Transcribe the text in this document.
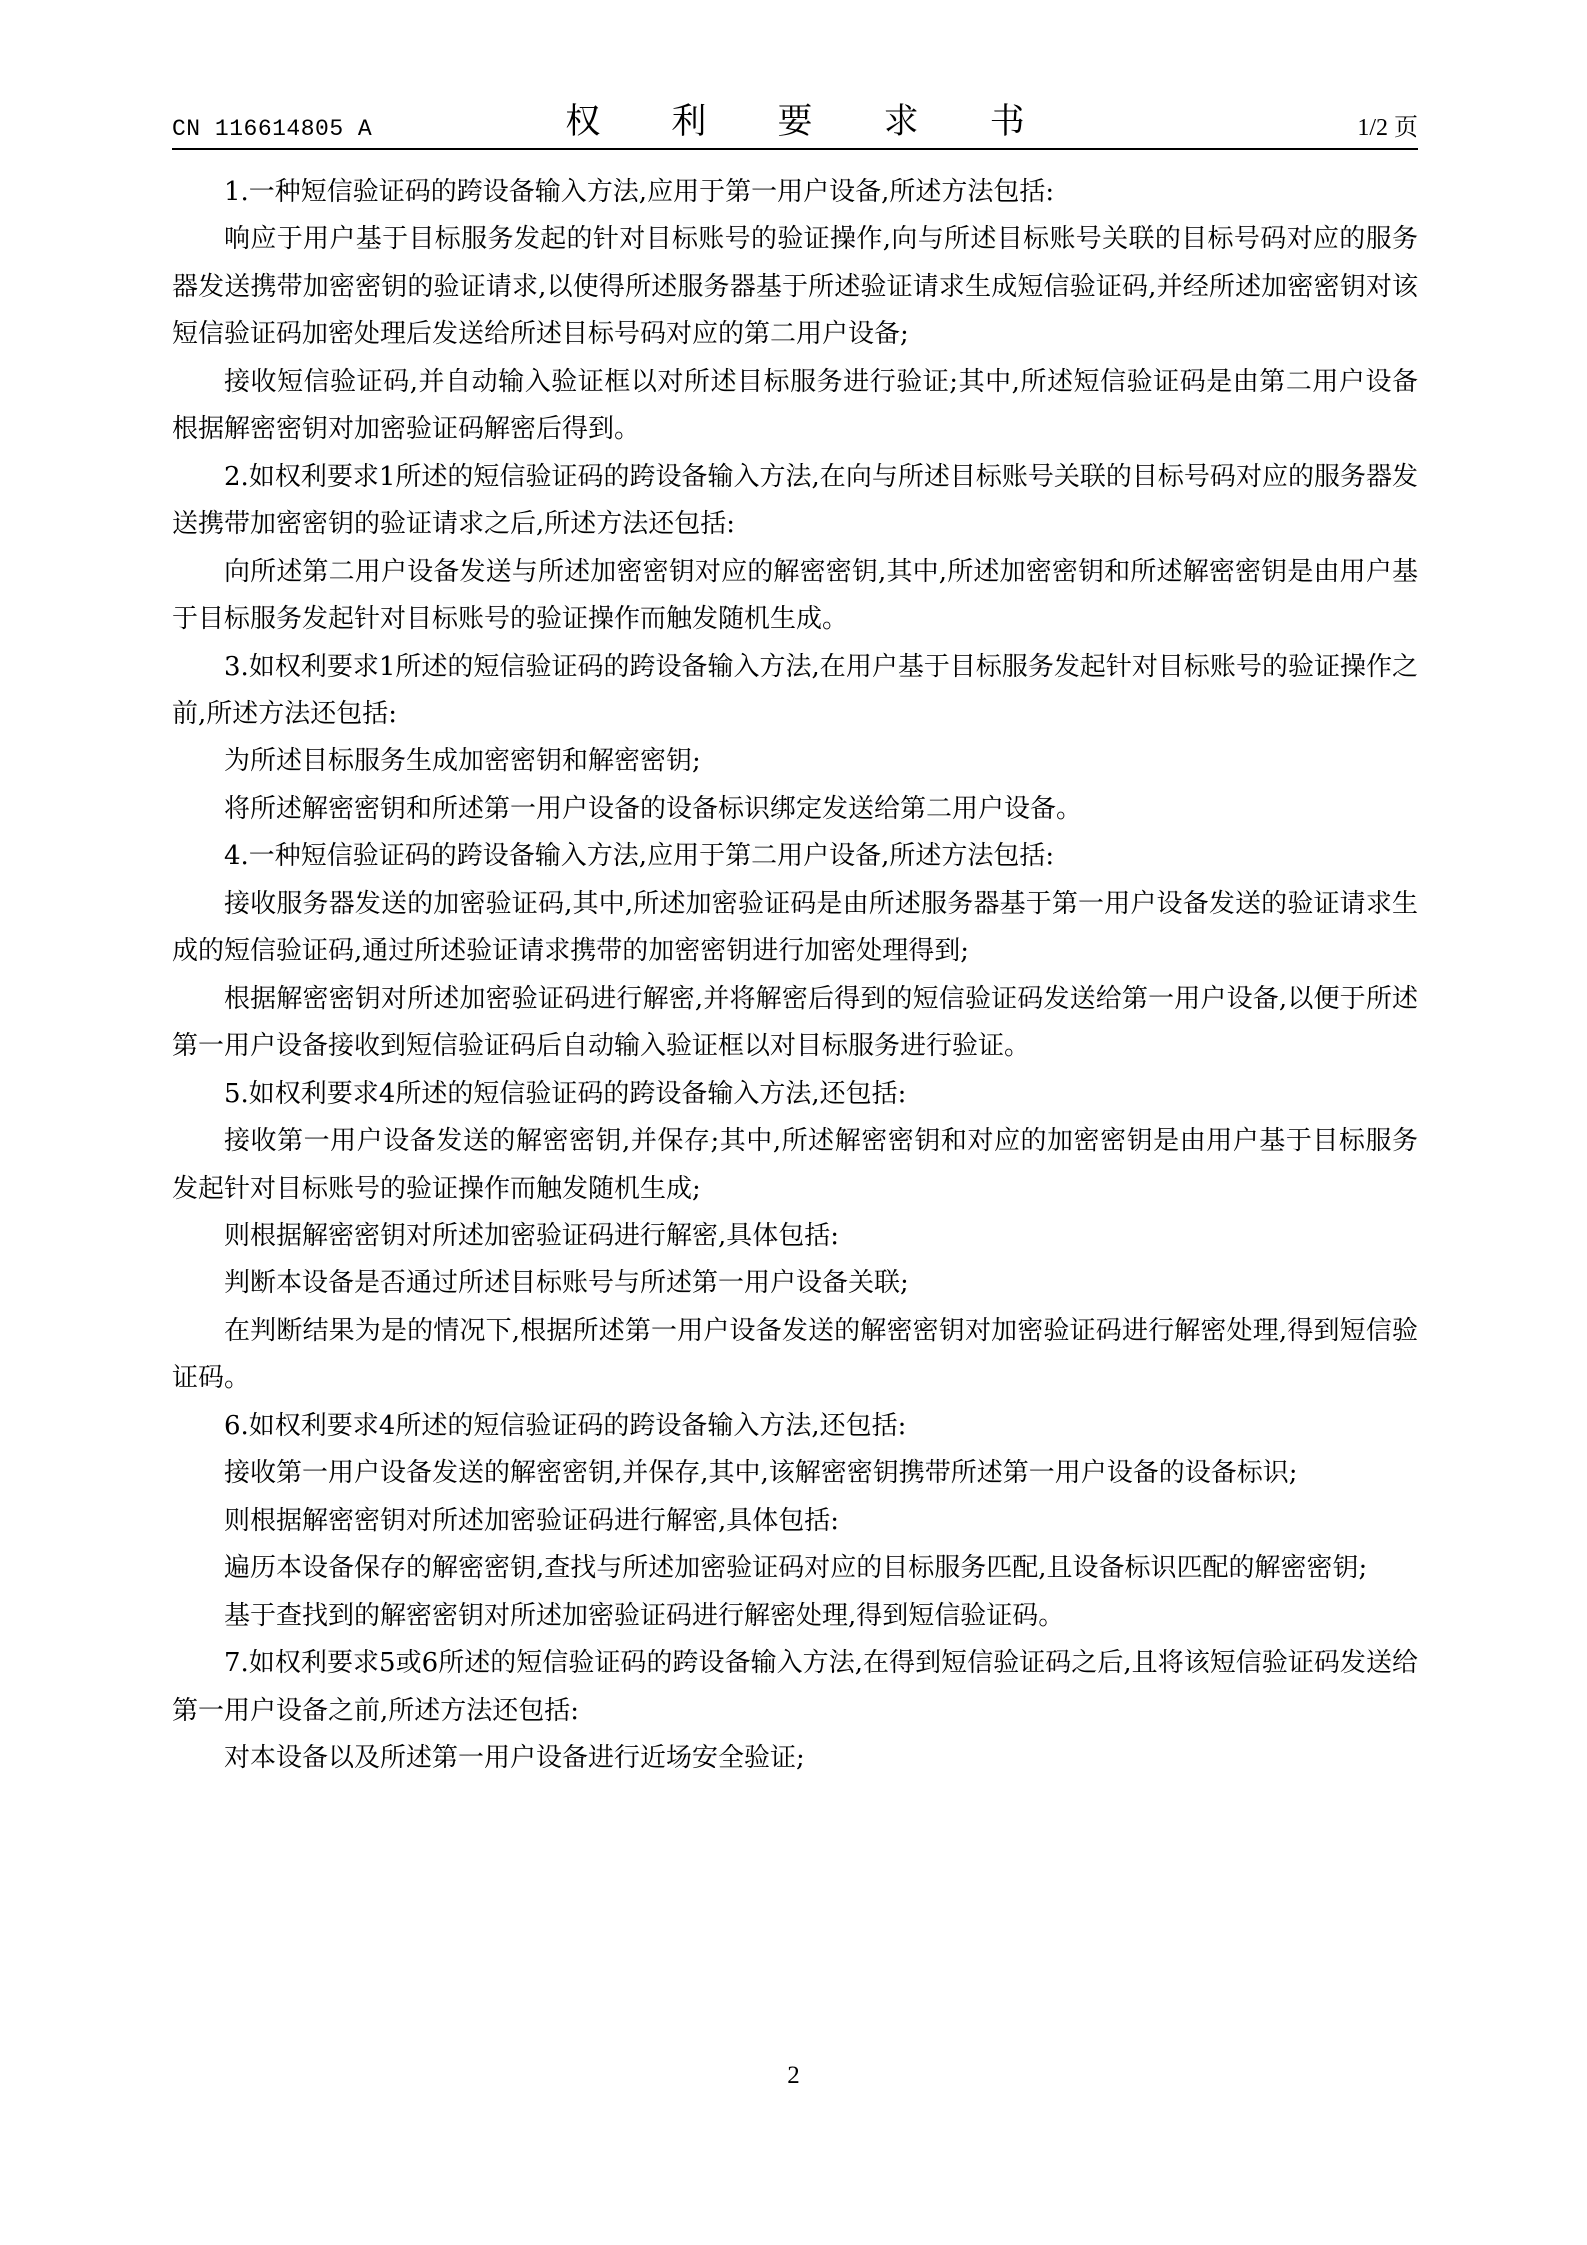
CN 116614805 A	权 利 要 求 书	1/2 页

1.一种短信验证码的跨设备输入方法,应用于第一用户设备,所述方法包括:

响应于用户基于目标服务发起的针对目标账号的验证操作,向与所述目标账号关联的目标号码对应的服务器发送携带加密密钥的验证请求,以使得所述服务器基于所述验证请求生成短信验证码,并经所述加密密钥对该短信验证码加密处理后发送给所述目标号码对应的第二用户设备;

接收短信验证码,并自动输入验证框以对所述目标服务进行验证;其中,所述短信验证码是由第二用户设备根据解密密钥对加密验证码解密后得到。

2.如权利要求1所述的短信验证码的跨设备输入方法,在向与所述目标账号关联的目标号码对应的服务器发送携带加密密钥的验证请求之后,所述方法还包括:

向所述第二用户设备发送与所述加密密钥对应的解密密钥,其中,所述加密密钥和所述解密密钥是由用户基于目标服务发起针对目标账号的验证操作而触发随机生成。

3.如权利要求1所述的短信验证码的跨设备输入方法,在用户基于目标服务发起针对目标账号的验证操作之前,所述方法还包括:

为所述目标服务生成加密密钥和解密密钥;

将所述解密密钥和所述第一用户设备的设备标识绑定发送给第二用户设备。

4.一种短信验证码的跨设备输入方法,应用于第二用户设备,所述方法包括:

接收服务器发送的加密验证码,其中,所述加密验证码是由所述服务器基于第一用户设备发送的验证请求生成的短信验证码,通过所述验证请求携带的加密密钥进行加密处理得到;

根据解密密钥对所述加密验证码进行解密,并将解密后得到的短信验证码发送给第一用户设备,以便于所述第一用户设备接收到短信验证码后自动输入验证框以对目标服务进行验证。

5.如权利要求4所述的短信验证码的跨设备输入方法,还包括:

接收第一用户设备发送的解密密钥,并保存;其中,所述解密密钥和对应的加密密钥是由用户基于目标服务发起针对目标账号的验证操作而触发随机生成;

则根据解密密钥对所述加密验证码进行解密,具体包括:

判断本设备是否通过所述目标账号与所述第一用户设备关联;

在判断结果为是的情况下,根据所述第一用户设备发送的解密密钥对加密验证码进行解密处理,得到短信验证码。

6.如权利要求4所述的短信验证码的跨设备输入方法,还包括:

接收第一用户设备发送的解密密钥,并保存,其中,该解密密钥携带所述第一用户设备的设备标识;

则根据解密密钥对所述加密验证码进行解密,具体包括:

遍历本设备保存的解密密钥,查找与所述加密验证码对应的目标服务匹配,且设备标识匹配的解密密钥;

基于查找到的解密密钥对所述加密验证码进行解密处理,得到短信验证码。

7.如权利要求5或6所述的短信验证码的跨设备输入方法,在得到短信验证码之后,且将该短信验证码发送给第一用户设备之前,所述方法还包括:

对本设备以及所述第一用户设备进行近场安全验证;

2
